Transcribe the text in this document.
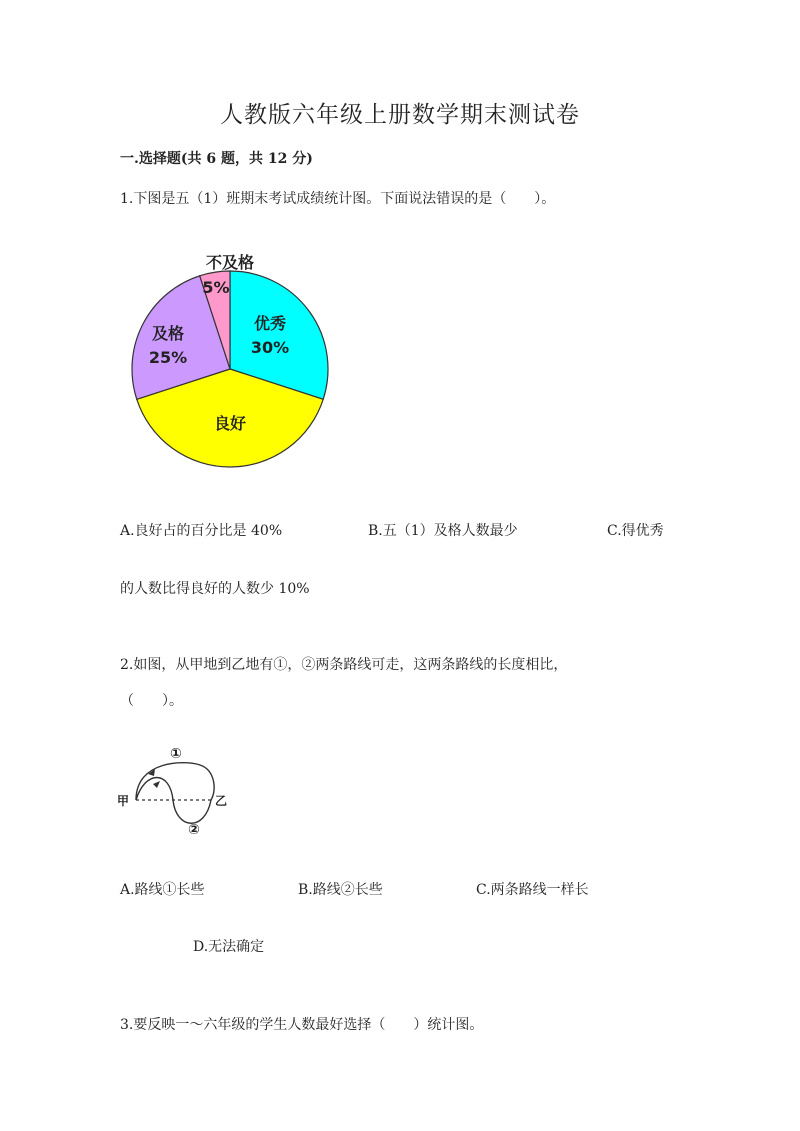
人教版六年级上册数学期末测试卷
一.选择题(共 6 题，共 12 分)
1.下图是五（1）班期末考试成绩统计图。下面说法错误的是（　　）。
不及格
5%
优秀
30%
及格
25%
良好
A.良好占的百分比是 40%	B.五（1）及格人数最少	C.得优秀
的人数比得良好的人数少 10%
2.如图，从甲地到乙地有①，②两条路线可走，这两条路线的长度相比，
（　　）。
甲	乙
①
②
A.路线①长些	B.路线②长些	C.两条路线一样长
D.无法确定
3.要反映一～六年级的学生人数最好选择（　　）统计图。
